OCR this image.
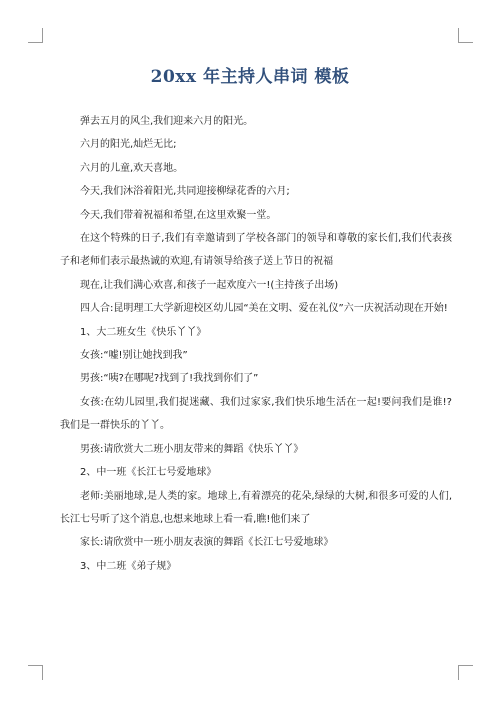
20xx 年主持人串词 模板

弹去五月的风尘,我们迎来六月的阳光。

六月的阳光,灿烂无比;

六月的儿童,欢天喜地。

今天,我们沐浴着阳光,共同迎接柳绿花香的六月;

今天,我们带着祝福和希望,在这里欢聚一堂。

在这个特殊的日子,我们有幸邀请到了学校各部门的领导和尊敬的家长们,我们代表孩子和老师们表示最热诚的欢迎,有请领导给孩子送上节日的祝福

现在,让我们满心欢喜,和孩子一起欢度六一!(主持孩子出场)

四人合:昆明理工大学新迎校区幼儿园“美在文明、爱在礼仪”六一庆祝活动现在开始!

1、大二班女生《快乐丫丫》

女孩:“嘘!别让她找到我”

男孩:“咦?在哪呢?找到了!我找到你们了”

女孩:在幼儿园里,我们捉迷藏、我们过家家,我们快乐地生活在一起!要问我们是谁!?我们是一群快乐的丫丫。

男孩:请欣赏大二班小朋友带来的舞蹈《快乐丫丫》

2、中一班《长江七号爱地球》

老师:美丽地球,是人类的家。地球上,有着漂亮的花朵,绿绿的大树,和很多可爱的人们,长江七号听了这个消息,也想来地球上看一看,瞧!他们来了

家长:请欣赏中一班小朋友表演的舞蹈《长江七号爱地球》

3、中二班《弟子规》
